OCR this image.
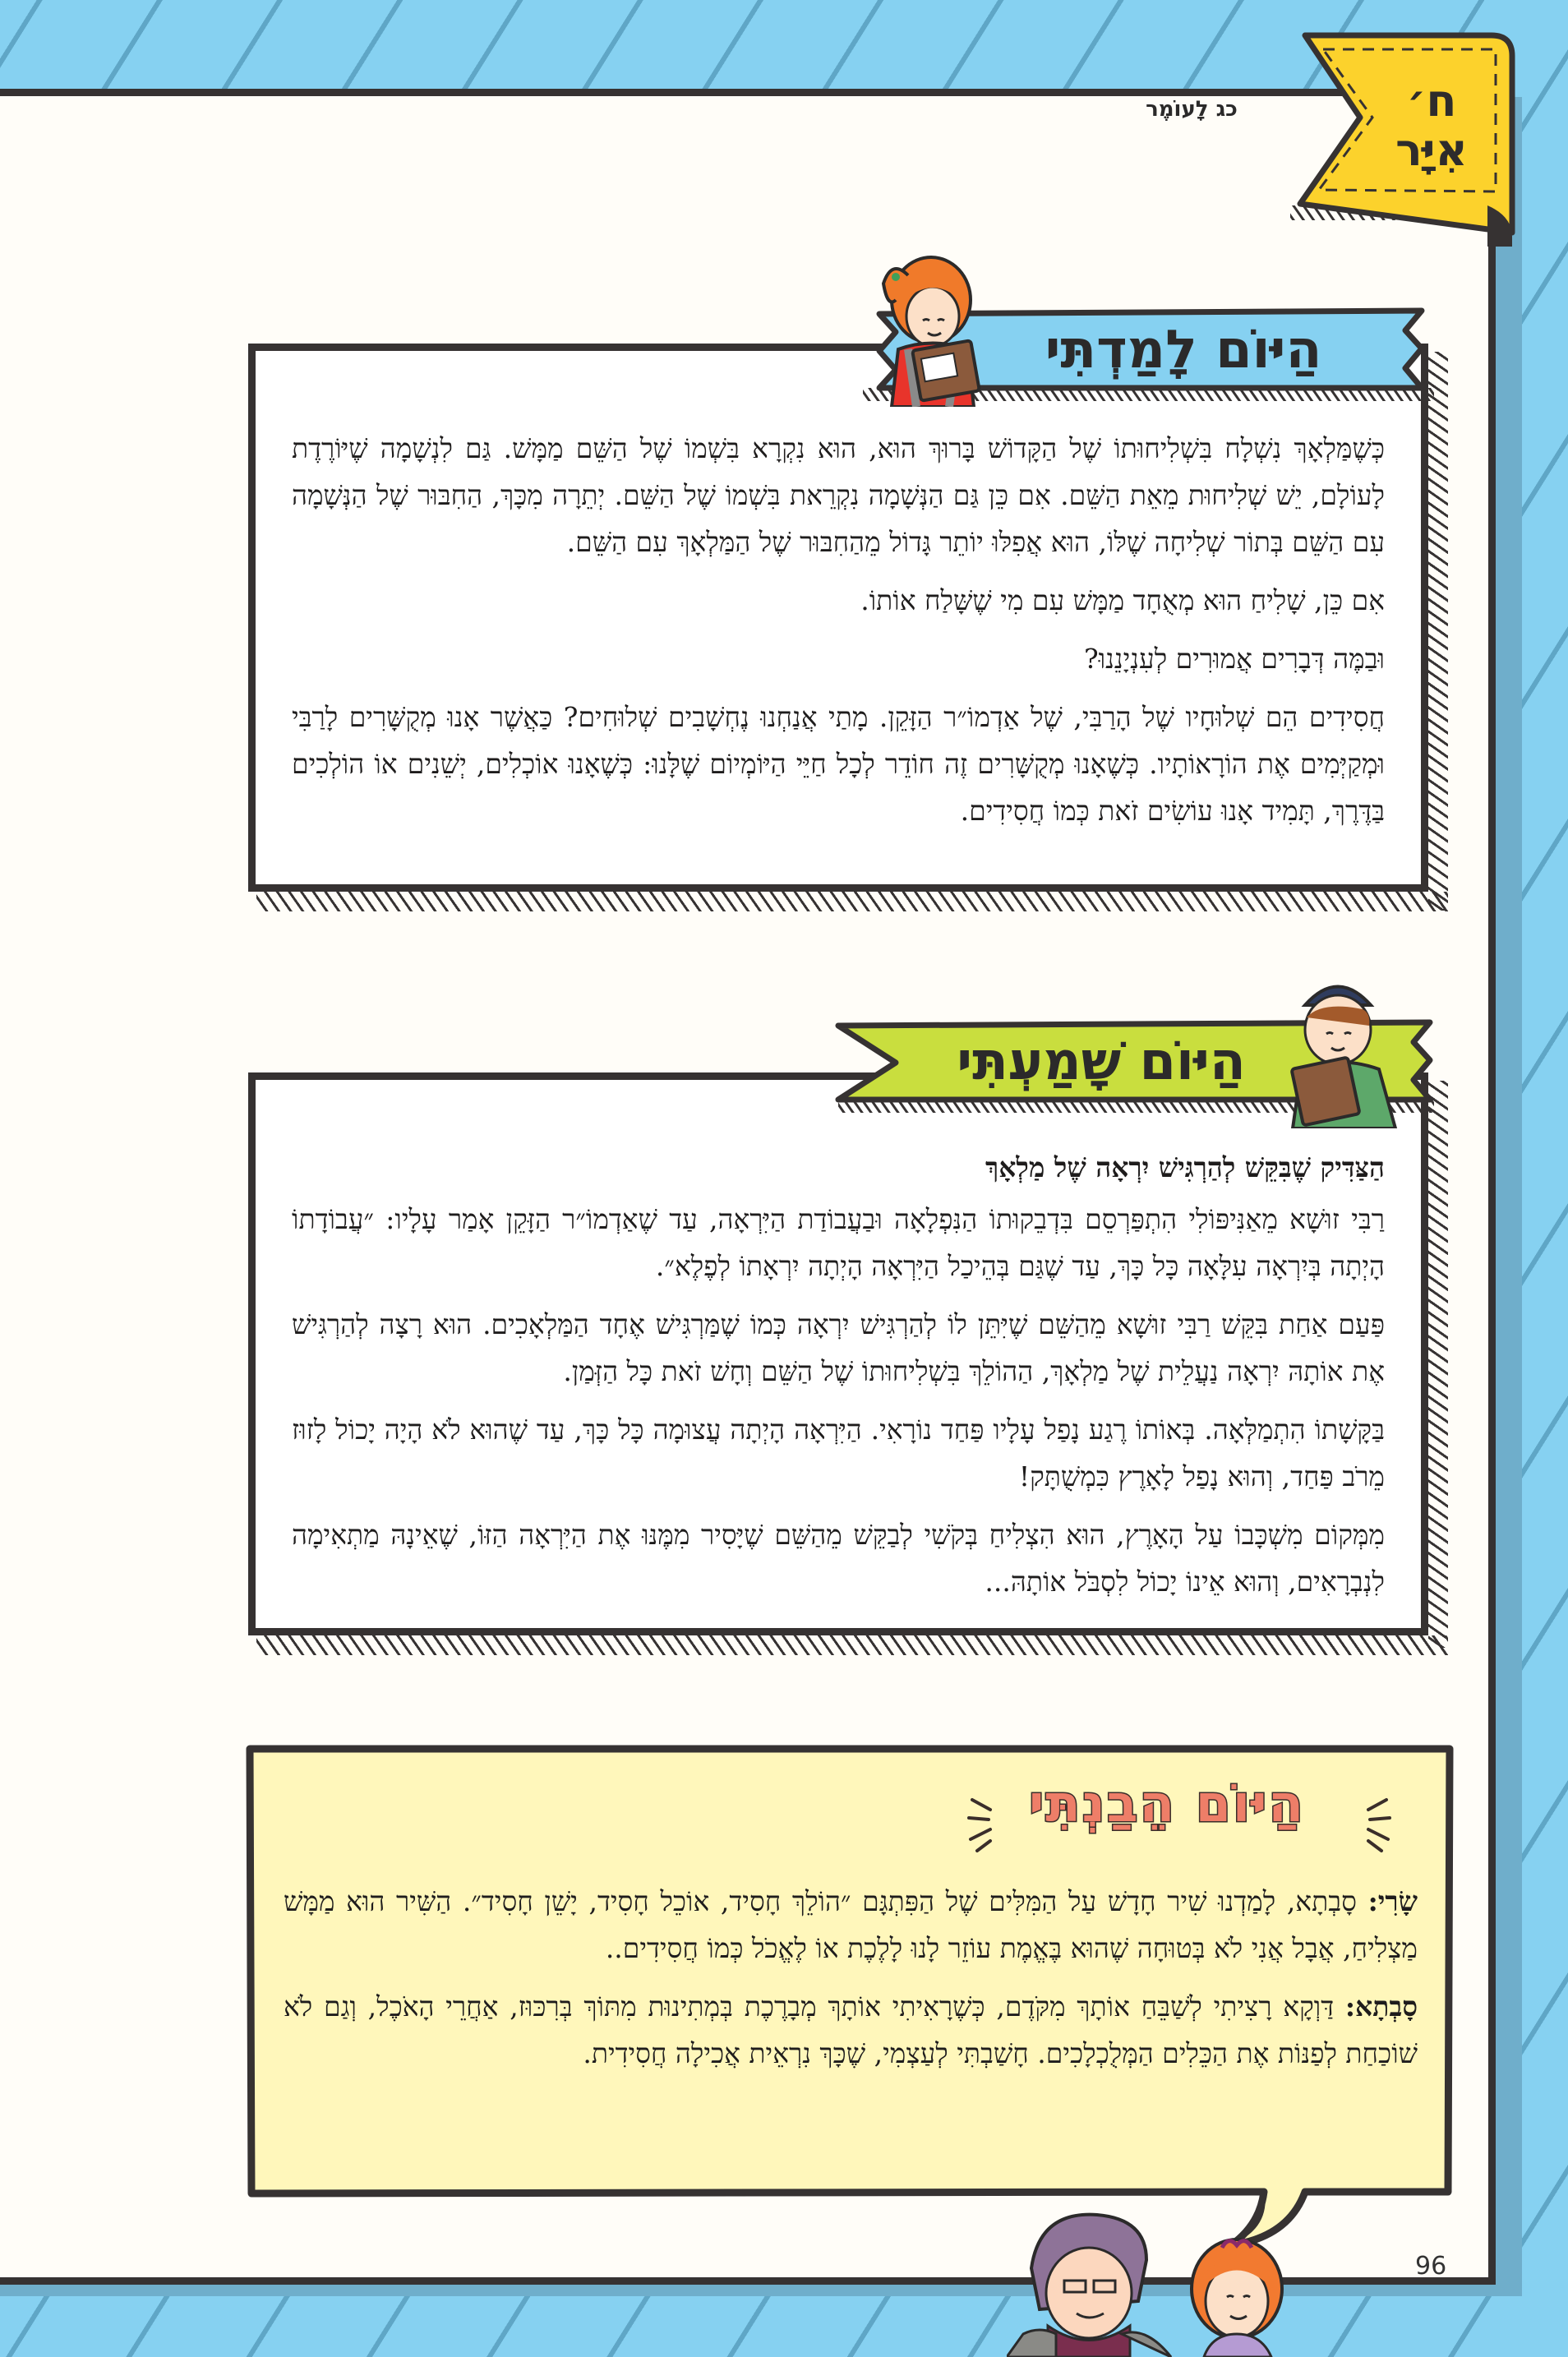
כג לָעוֹמֶר	ח׳
אִיָּר

כְּשֶׁמַּלְאָךְ נִשְׁלָח בִּשְׁלִיחוּתוֹ שֶׁל הַקָּדוֹשׁ בָּרוּךְ הוּא, הוּא נִקְרָא בִּשְׁמוֹ שֶׁל הַשֵּׁם מַמָּשׁ. גַּם לִנְשָׁמָה שֶׁיּוֹרֶדֶת לָעוֹלָם, יֵשׁ שְׁלִיחוּת מֵאֵת הַשֵּׁם. אִם כֵּן גַּם הַנְּשָׁמָה נִקְרֵאת בִּשְׁמוֹ שֶׁל הַשֵּׁם. יְתֵרָה מִכָּךְ, הַחִבּוּר שֶׁל הַנְּשָׁמָה עִם הַשֵּׁם בְּתוֹר שְׁלִיחָה שֶׁלּוֹ, הוּא אֲפִלּוּ יוֹתֵר גָּדוֹל מֵהַחִבּוּר שֶׁל הַמַּלְאָךְ עִם הַשֵּׁם.

אִם כֵּן, שָׁלִיחַ הוּא מְאֻחָד מַמָּשׁ עִם מִי שֶׁשָּׁלַח אוֹתוֹ.

וּבַמֶּה דְּבָרִים אֲמוּרִים לְעִנְיָנֵנוּ?

חֲסִידִים הֵם שְׁלוּחָיו שֶׁל הָרַבִּי, שֶׁל אַדְמוֹ״ר הַזָּקֵן. מָתַי אֲנַחְנוּ נֶחְשָׁבִים שְׁלוּחִים? כַּאֲשֶׁר אָנוּ מְקֻשָּׁרִים לָרַבִּי וּמְקַיְּמִים אֶת הוֹרָאוֹתָיו. כְּשֶׁאָנוּ מְקֻשָּׁרִים זֶה חוֹדֵר לְכָל חַיֵּי הַיּוֹמְיוֹם שֶׁלָּנוּ: כְּשֶׁאָנוּ אוֹכְלִים, יְשֵׁנִים אוֹ הוֹלְכִים בַּדֶּרֶךְ, תָּמִיד אָנוּ עוֹשִׂים זֹאת כְּמוֹ חֲסִידִים.

הַיּוֹם לָמַדְתִּי

הַצַּדִּיק שֶׁבִּקֵּשׁ לְהַרְגִּישׁ יִרְאָה שֶׁל מַלְאָךְ

רַבִּי זוּשָׁא מֵאַנִּיפּוֹלִי הִתְפַּרְסֵם בִּדְבֵקוּתוֹ הַנִּפְלָאָה וּבַעֲבוֹדַת הַיִּרְאָה, עַד שֶׁאַדְמוֹ״ר הַזָּקֵן אָמַר עָלָיו: ״עֲבוֹדָתוֹ הָיְתָה בְּיִרְאָה עִלָּאָה כָּל כָּךְ, עַד שֶׁגַּם בְּהֵיכַל הַיִּרְאָה הָיְתָה יִרְאָתוֹ לְפֶלֶא״.

פַּעַם אַחַת בִּקֵּשׁ רַבִּי זוּשָׁא מֵהַשֵּׁם שֶׁיִּתֵּן לוֹ לְהַרְגִּישׁ יִרְאָה כְּמוֹ שֶׁמַּרְגִּישׁ אֶחָד הַמַּלְאָכִים. הוּא רָצָה לְהַרְגִּישׁ אֶת אוֹתָהּ יִרְאָה נַעֲלֵית שֶׁל מַלְאָךְ, הַהוֹלֵךְ בִּשְׁלִיחוּתוֹ שֶׁל הַשֵּׁם וְחָשׁ זֹאת כָּל הַזְּמַן.

בַּקָּשָׁתוֹ הִתְמַלְּאָה. בְּאוֹתוֹ רֶגַע נָפַל עָלָיו פַּחַד נוֹרָאִי. הַיִּרְאָה הָיְתָה עֲצוּמָה כָּל כָּךְ, עַד שֶׁהוּא לֹא הָיָה יָכוֹל לָזוּז מֵרֹב פַּחַד, וְהוּא נָפַל לָאָרֶץ כִּמְשֻׁתָּק!

מִמְּקוֹם מִשְׁכָּבוֹ עַל הָאָרֶץ, הוּא הִצְלִיחַ בְּקֹשִׁי לְבַקֵּשׁ מֵהַשֵּׁם שֶׁיָּסִיר מִמֶּנּוּ אֶת הַיִּרְאָה הַזּוֹ, שֶׁאֵינָהּ מַתְאִימָה לִנְבְרָאִים, וְהוּא אֵינוֹ יָכוֹל לִסְבֹּל אוֹתָהּ...

הַיּוֹם שָׁמַעְתִּי
הַיּוֹם הֵבַנְתִּי

שָׂרִי: סָבְתָא, לָמַדְנוּ שִׁיר חָדָשׁ עַל הַמִּלִּים שֶׁל הַפִּתְגָּם ״הוֹלֵךְ חָסִיד, אוֹכֵל חָסִיד, יָשֵׁן חָסִיד״. הַשִּׁיר הוּא מַמָּשׁ מַצְלִיחַ, אֲבָל אֲנִי לֹא בְּטוּחָה שֶׁהוּא בֶּאֱמֶת עוֹזֵר לָנוּ לָלֶכֶת אוֹ לֶאֱכֹל כְּמוֹ חֲסִידִים..

סָבְתָא: דַּוְקָא רָצִיתִי לְשַׁבֵּחַ אוֹתָךְ מִקֹּדֶם, כְּשֶׁרָאִיתִי אוֹתָךְ מְבָרֶכֶת בְּמְתִינוּת מִתּוֹךְ בְּרִכּוּז, אַחֲרֵי הָאֹכֶל, וְגַם לֹא שׁוֹכַחַת לְפַנּוֹת אֶת הַכֵּלִים הַמְּלֻכְלָכִים. חָשַׁבְתִּי לְעַצְמִי, שֶׁכָּךְ נִרְאֵית אֲכִילָה חֲסִידִית.

96
